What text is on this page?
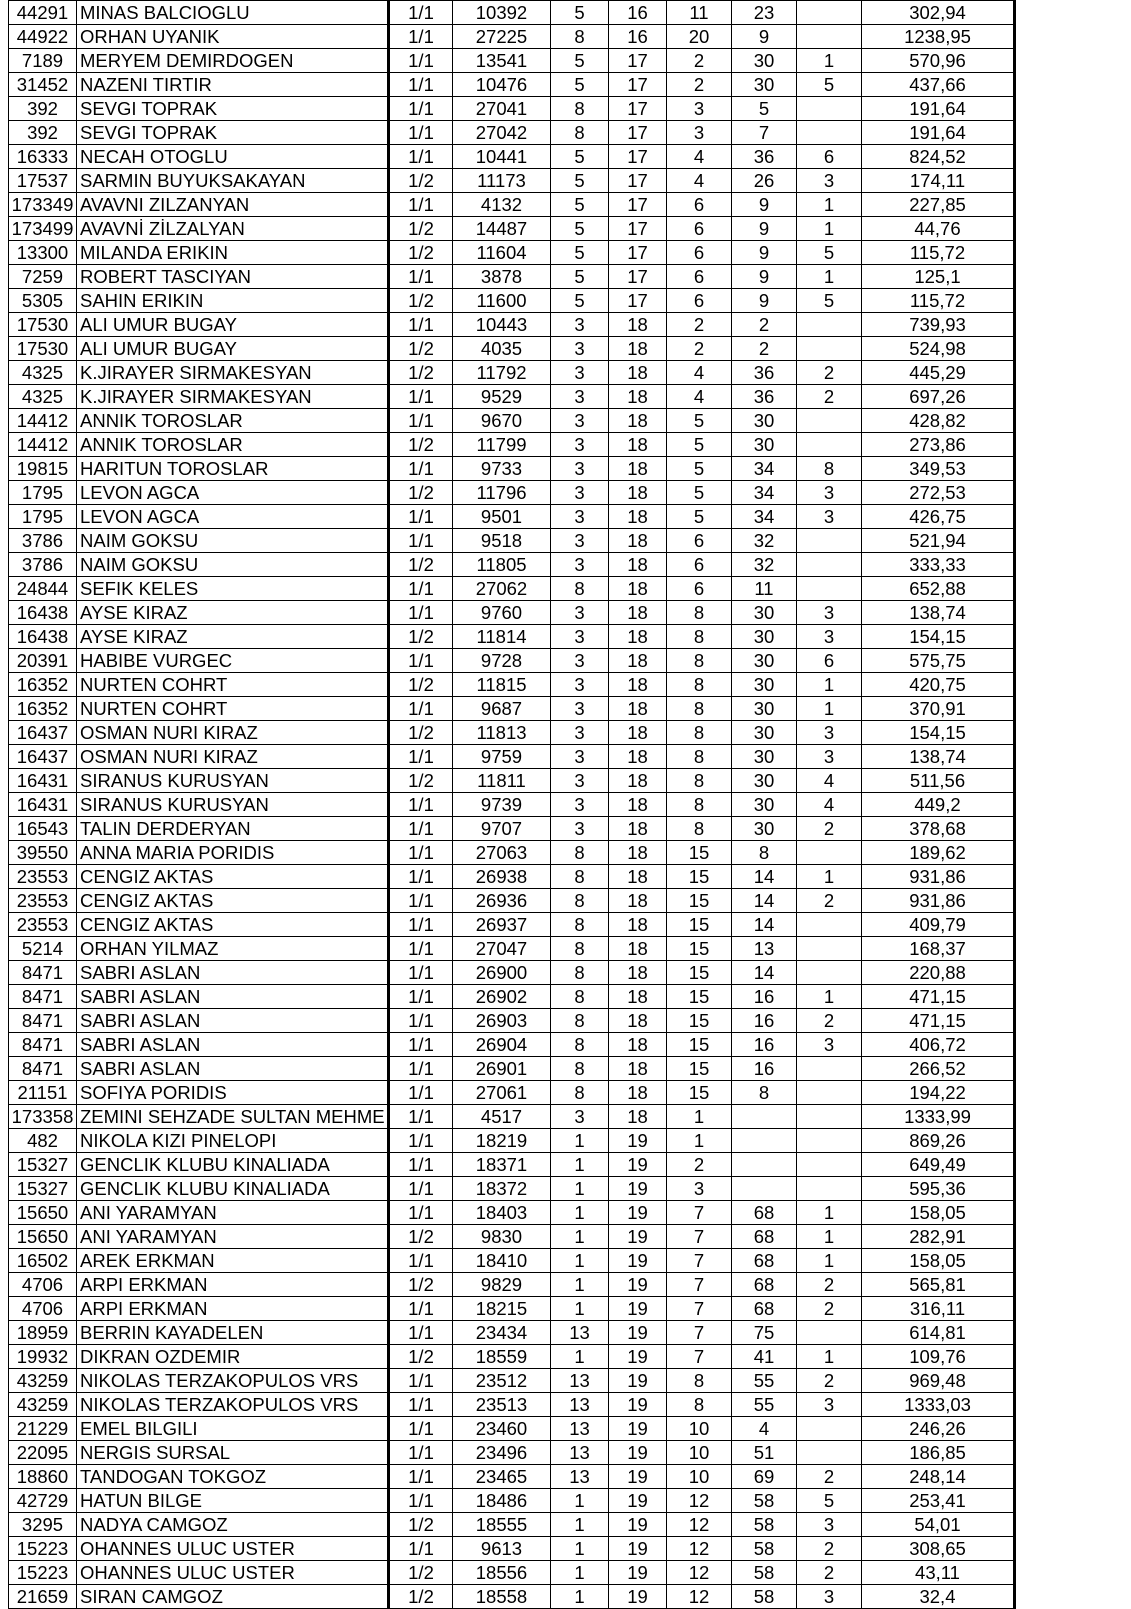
44291	MINAS BALCIOGLU	1/1	10392	5	16	11	23		302,94
44922	ORHAN UYANIK	1/1	27225	8	16	20	9		1238,95
7189	MERYEM DEMIRDOGEN	1/1	13541	5	17	2	30	1	570,96
31452	NAZENI TIRTIR	1/1	10476	5	17	2	30	5	437,66
392	SEVGI TOPRAK	1/1	27041	8	17	3	5		191,64
392	SEVGI TOPRAK	1/1	27042	8	17	3	7		191,64
16333	NECAH OTOGLU	1/1	10441	5	17	4	36	6	824,52
17537	SARMIN BUYUKSAKAYAN	1/2	11173	5	17	4	26	3	174,11
173349	AVAVNI ZILZANYAN	1/1	4132	5	17	6	9	1	227,85
173499	AVAVNİ ZİLZALYAN	1/2	14487	5	17	6	9	1	44,76
13300	MILANDA ERIKIN	1/2	11604	5	17	6	9	5	115,72
7259	ROBERT TASCIYAN	1/1	3878	5	17	6	9	1	125,1
5305	SAHIN ERIKIN	1/2	11600	5	17	6	9	5	115,72
17530	ALI UMUR BUGAY	1/1	10443	3	18	2	2		739,93
17530	ALI UMUR BUGAY	1/2	4035	3	18	2	2		524,98
4325	K.JIRAYER SIRMAKESYAN	1/2	11792	3	18	4	36	2	445,29
4325	K.JIRAYER SIRMAKESYAN	1/1	9529	3	18	4	36	2	697,26
14412	ANNIK TOROSLAR	1/1	9670	3	18	5	30		428,82
14412	ANNIK TOROSLAR	1/2	11799	3	18	5	30		273,86
19815	HARITUN TOROSLAR	1/1	9733	3	18	5	34	8	349,53
1795	LEVON AGCA	1/2	11796	3	18	5	34	3	272,53
1795	LEVON AGCA	1/1	9501	3	18	5	34	3	426,75
3786	NAIM GOKSU	1/1	9518	3	18	6	32		521,94
3786	NAIM GOKSU	1/2	11805	3	18	6	32		333,33
24844	SEFIK KELES	1/1	27062	8	18	6	11		652,88
16438	AYSE KIRAZ	1/1	9760	3	18	8	30	3	138,74
16438	AYSE KIRAZ	1/2	11814	3	18	8	30	3	154,15
20391	HABIBE VURGEC	1/1	9728	3	18	8	30	6	575,75
16352	NURTEN COHRT	1/2	11815	3	18	8	30	1	420,75
16352	NURTEN COHRT	1/1	9687	3	18	8	30	1	370,91
16437	OSMAN NURI KIRAZ	1/2	11813	3	18	8	30	3	154,15
16437	OSMAN NURI KIRAZ	1/1	9759	3	18	8	30	3	138,74
16431	SIRANUS KURUSYAN	1/2	11811	3	18	8	30	4	511,56
16431	SIRANUS KURUSYAN	1/1	9739	3	18	8	30	4	449,2
16543	TALIN DERDERYAN	1/1	9707	3	18	8	30	2	378,68
39550	ANNA MARIA PORIDIS	1/1	27063	8	18	15	8		189,62
23553	CENGIZ AKTAS	1/1	26938	8	18	15	14	1	931,86
23553	CENGIZ AKTAS	1/1	26936	8	18	15	14	2	931,86
23553	CENGIZ AKTAS	1/1	26937	8	18	15	14		409,79
5214	ORHAN YILMAZ	1/1	27047	8	18	15	13		168,37
8471	SABRI ASLAN	1/1	26900	8	18	15	14		220,88
8471	SABRI ASLAN	1/1	26902	8	18	15	16	1	471,15
8471	SABRI ASLAN	1/1	26903	8	18	15	16	2	471,15
8471	SABRI ASLAN	1/1	26904	8	18	15	16	3	406,72
8471	SABRI ASLAN	1/1	26901	8	18	15	16		266,52
21151	SOFIYA PORIDIS	1/1	27061	8	18	15	8		194,22
173358	ZEMINI SEHZADE SULTAN MEHME	1/1	4517	3	18	1			1333,99
482	NIKOLA KIZI PINELOPI	1/1	18219	1	19	1			869,26
15327	GENCLIK KLUBU KINALIADA	1/1	18371	1	19	2			649,49
15327	GENCLIK KLUBU KINALIADA	1/1	18372	1	19	3			595,36
15650	ANI YARAMYAN	1/1	18403	1	19	7	68	1	158,05
15650	ANI YARAMYAN	1/2	9830	1	19	7	68	1	282,91
16502	AREK ERKMAN	1/1	18410	1	19	7	68	1	158,05
4706	ARPI ERKMAN	1/2	9829	1	19	7	68	2	565,81
4706	ARPI ERKMAN	1/1	18215	1	19	7	68	2	316,11
18959	BERRIN KAYADELEN	1/1	23434	13	19	7	75		614,81
19932	DIKRAN OZDEMIR	1/2	18559	1	19	7	41	1	109,76
43259	NIKOLAS TERZAKOPULOS VRS	1/1	23512	13	19	8	55	2	969,48
43259	NIKOLAS TERZAKOPULOS VRS	1/1	23513	13	19	8	55	3	1333,03
21229	EMEL BILGILI	1/1	23460	13	19	10	4		246,26
22095	NERGIS SURSAL	1/1	23496	13	19	10	51		186,85
18860	TANDOGAN TOKGOZ	1/1	23465	13	19	10	69	2	248,14
42729	HATUN BILGE	1/1	18486	1	19	12	58	5	253,41
3295	NADYA CAMGOZ	1/2	18555	1	19	12	58	3	54,01
15223	OHANNES ULUC USTER	1/1	9613	1	19	12	58	2	308,65
15223	OHANNES ULUC USTER	1/2	18556	1	19	12	58	2	43,11
21659	SIRAN CAMGOZ	1/2	18558	1	19	12	58	3	32,4
